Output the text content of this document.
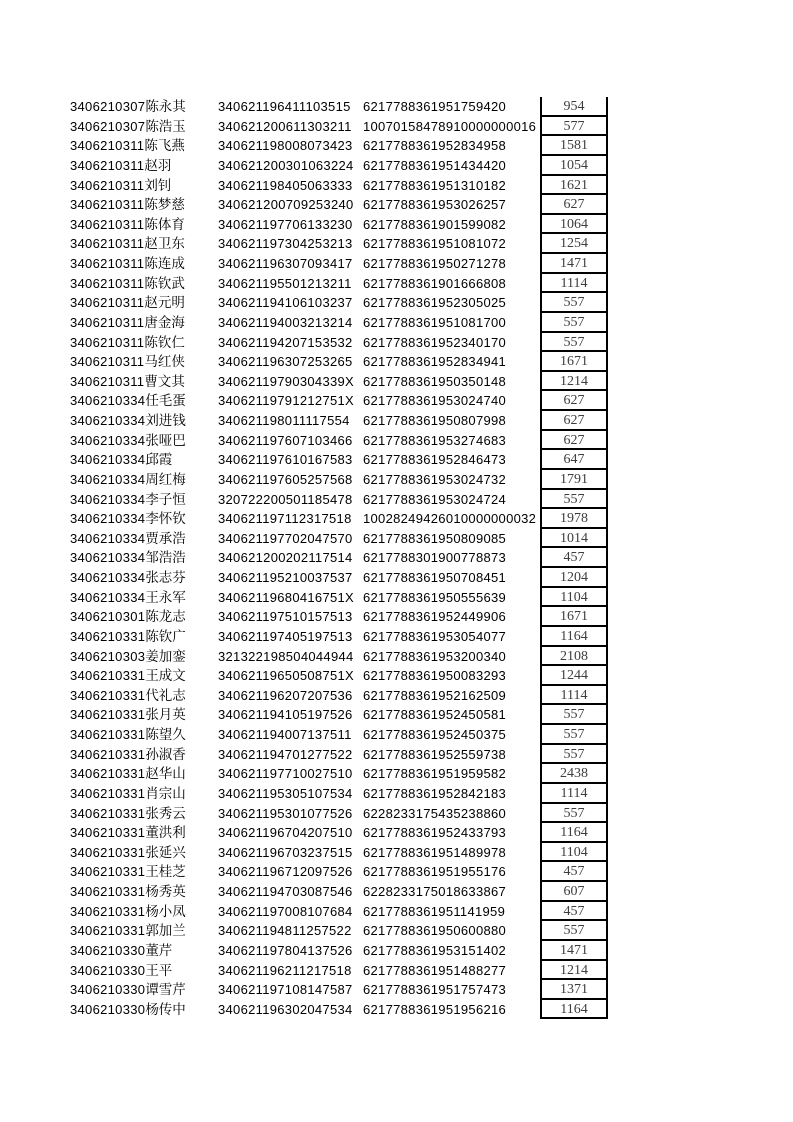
3406210307陈永其	340621196411103515 6217788361951759420	954
3406210307陈浩玉	340621200611303211 10070158478910000000016	577
3406210311陈飞燕	340621198008073423 6217788361952834958	1581
3406210311赵羽	340621200301063224 6217788361951434420	1054
3406210311刘钊	340621198405063333 6217788361951310182	1621
3406210311陈梦慈	340621200709253240 6217788361953026257	627
3406210311陈体育	340621197706133230 6217788361901599082	1064
3406210311赵卫东	340621197304253213 6217788361951081072	1254
3406210311陈连成	340621196307093417 6217788361950271278	1471
3406210311陈钦武	340621195501213211 6217788361901666808	1114
3406210311赵元明	340621194106103237 6217788361952305025	557
3406210311唐金海	340621194003213214 6217788361951081700	557
3406210311陈钦仁	340621194207153532 6217788361952340170	557
3406210311马红侠	340621196307253265 6217788361952834941	1671
3406210311曹文其	34062119790304339X 6217788361950350148	1214
3406210334任毛蛋	34062119791212751X 6217788361953024740	627
3406210334刘进钱	340621198011117554	6217788361950807998	627
3406210334张哑巴	340621197607103466 6217788361953274683	627
3406210334邱霞	340621197610167583 6217788361952846473	647
3406210334周红梅	340621197605257568 6217788361953024732	1791
3406210334李子恒	320722200501185478 6217788361953024724	557
3406210334李怀钦	340621197112317518 10028249426010000000032	1978
3406210334贾承浩	340621197702047570 6217788361950809085	1014
3406210334邹浩浩	340621200202117514 6217788301900778873	457
3406210334张志芬	340621195210037537 6217788361950708451	1204
3406210334王永军	34062119680416751X 6217788361950555639	1104
3406210301陈龙志	340621197510157513 6217788361952449906	1671
3406210331陈钦广	340621197405197513 6217788361953054077	1164
3406210303姜加銮	321322198504044944 6217788361953200340	2108
3406210331王成文	34062119650508751X 6217788361950083293	1244
3406210331代礼志	340621196207207536 6217788361952162509	1114
3406210331张月英	340621194105197526 6217788361952450581	557
3406210331陈望久	340621194007137511 6217788361952450375	557
3406210331孙淑香	340621194701277522 6217788361952559738	557
3406210331赵华山	340621197710027510 6217788361951959582	2438
3406210331肖宗山	340621195305107534 6217788361952842183	1114
3406210331张秀云	340621195301077526 6228233175435238860	557
3406210331董洪利	340621196704207510 6217788361952433793	1164
3406210331张延兴	340621196703237515 6217788361951489978	1104
3406210331王桂芝	340621196712097526 6217788361951955176	457
3406210331杨秀英	340621194703087546 6228233175018633867	607
3406210331杨小凤	340621197008107684 6217788361951141959	457
3406210331郭加兰	340621194811257522 6217788361950600880	557
3406210330董芹	340621197804137526 6217788361953151402	1471
3406210330王平	340621196211217518 6217788361951488277	1214
3406210330谭雪芹	340621197108147587 6217788361951757473	1371
3406210330杨传中	340621196302047534 6217788361951956216	1164
